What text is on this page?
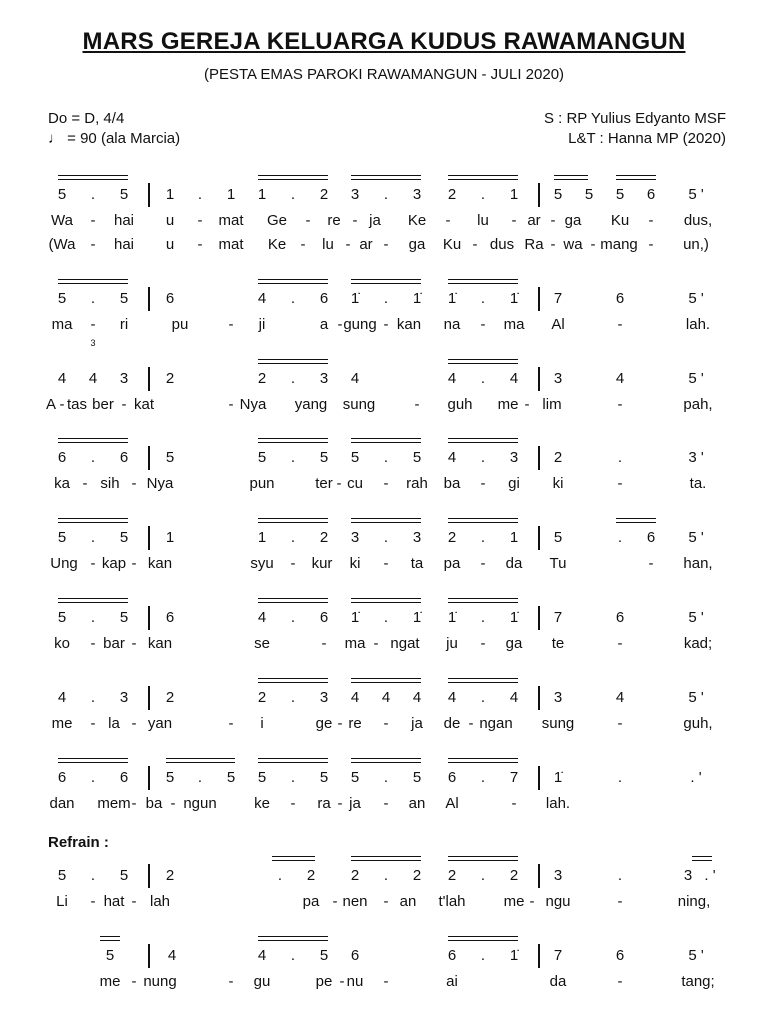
MARS GEREJA KELUARGA KUDUS RAWAMANGUN
(PESTA EMAS PAROKI RAWAMANGUN - JULI 2020)
Do = D, 4/4
♩ = 90 (ala Marcia)
S : RP Yulius Edyanto MSF
L&T : Hanna MP (2020)
Refrain :
5 . 5	1 . 1 1 . 2 3 . 3 2 . 1 5 5 5 6 5 '
Wa - hai u - mat Ge - re - ja Ke - lu - ar - ga Ku - dus,
(Wa - hai u - mat Ke - lu - ar - ga Ku - dus Ra - wa - mang - un,)
5 . 5	6	4 . 6 1̇ . 1̇ 1̇ . 1̇ 7	6	5 '
ma - ri	pu	- ji	a - gung - kan na - ma Al	-	lah.
4 4 3	2	2 . 3 4	4 . 4 3	4	5 '
A - tas ber - kat	- Nya yang sung	- guh me - lim	-	pah,
3
6 . 6	5	5 . 5 5 . 5 4 . 3 2	.	3 '
ka - sih - Nya	pun	ter - cu - rah ba - gi ki	-	ta.
5 . 5	1	1 . 2 3 . 3 2 . 1 5	. 6 5 '
Ung - kap - kan	syu - kur ki - ta pa - da Tu	- han,
5 . 5	6	4 . 6 1̇ . 1̇ 1̇ . 1̇ 7	6	5 '
ko - bar - kan	se	- ma - ngat ju - ga te	-	kad;
4 . 3	2	2 . 3 4 4 4 4 . 4 3	4	5 '
me - la - yan	- i	ge - re - ja de - ngan sung	-	guh,
6 . 6	5 . 5 5 . 5 5 . 5 6 . 7 1̇	.	. '
dan mem - ba - ngun ke - ra - ja - an Al	- lah.
5 . 5	2	. 2 2 . 2 2 . 2 3	.	3 . '
Li - hat - lah	pa - nen - an t'lah	me - ngu	-	ning,
5	4	4 . 5 6	6 . 1̇ 7	6	5 '
me - nung	- gu	pe - nu -	ai	da	-	tang;
